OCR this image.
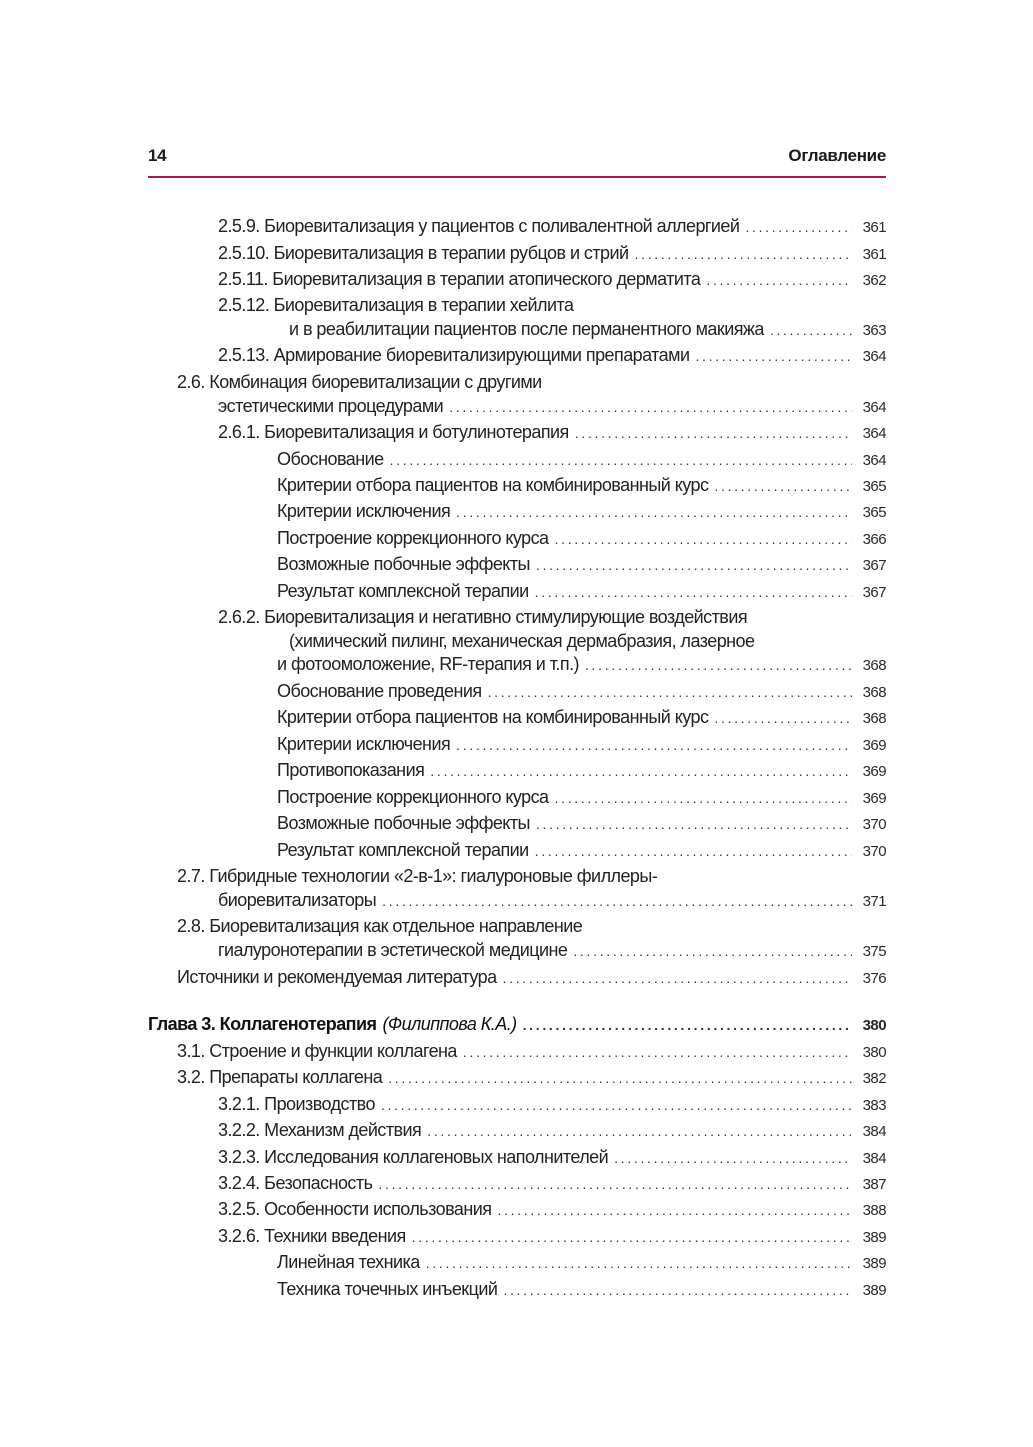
14	Оглавление
2.5.9. Биоревитализация у пациентов с поливалентной аллергией . . .	361
2.5.10. Биоревитализация в терапии рубцов и стрий . . .	361
2.5.11. Биоревитализация в терапии атопического дерматита . . .	362
2.5.12. Биоревитализация в терапии хейлита
и в реабилитации пациентов после перманентного макияжа . . .	363
2.5.13. Армирование биоревитализирующими препаратами . . .	364
2.6. Комбинация биоревитализации с другими
эстетическими процедурами . . .	364
2.6.1. Биоревитализация и ботулинотерапия . . .	364
Обоснование . . .	364
Критерии отбора пациентов на комбинированный курс . . .	365
Критерии исключения . . .	365
Построение коррекционного курса . . .	366
Возможные побочные эффекты . . .	367
Результат комплексной терапии . . .	367
2.6.2. Биоревитализация и негативно стимулирующие воздействия
(химический пилинг, механическая дермабразия, лазерное
и фотоомоложение, RF-терапия и т.п.) . . .	368
Обоснование проведения . . .	368
Критерии отбора пациентов на комбинированный курс . . .	368
Критерии исключения . . .	369
Противопоказания . . .	369
Построение коррекционного курса . . .	369
Возможные побочные эффекты . . .	370
Результат комплексной терапии . . .	370
2.7. Гибридные технологии «2-в-1»: гиалуроновые филлеры-
биоревитализаторы . . .	371
2.8. Биоревитализация как отдельное направление
гиалуронотерапии в эстетической медицине . . .	375
Источники и рекомендуемая литература . . .	376
Глава 3. Коллагенотерапия (Филиппова К.А.) . . .	380
3.1. Строение и функции коллагена . . .	380
3.2. Препараты коллагена . . .	382
3.2.1. Производство . . .	383
3.2.2. Механизм действия . . .	384
3.2.3. Исследования коллагеновых наполнителей . . .	384
3.2.4. Безопасность . . .	387
3.2.5. Особенности использования . . .	388
3.2.6. Техники введения . . .	389
Линейная техника . . .	389
Техника точечных инъекций . . .	389
